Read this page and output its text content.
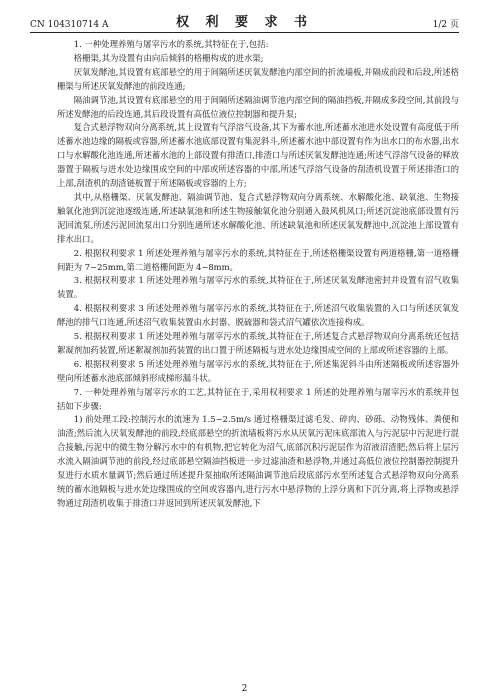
CN 104310714 A	权 利 要 求 书	1/2 页

1. 一种处理养殖与屠宰污水的系统,其特征在于,包括:

格栅渠,其为设置有由向后倾斜的格栅构成的进水渠;

厌氧发酵池,其设置有底部悬空的用于间隔所述厌氧发酵池内部空间的折流墙板,并隔成前段和后段,所述格栅渠与所述厌氧发酵池的前段连通;

隔油调节池,其设置有底部悬空的用于间隔所述隔油调节池内部空间的隔油挡板,并隔成多段空间,其前段与所述发酵池的后段连通,其后段设置有高低位液位控制器和提升泵;

复合式悬浮物双向分离系统,其上设置有气浮溶气设备,其下为蓄水池,所述蓄水池进水处设置有高度低于所述蓄水池边缘的隔板或容器,所述蓄水池底部设置有集泥斜斗,所述蓄水池中部设置有作为出水口的布水器,出水口与水解酸化池连通,所述蓄水池的上部设置有排渣口,排渣口与所述厌氧发酵池连通;所述气浮溶气设备的释放器置于隔板与进水处边缘围成空间的中部或所述容器的中部,所述气浮溶气设备的刮渣机设置于所述排渣口的上部,刮渣机的刮渣链板置于所述隔板或容器的上方;

其中,从格栅渠、厌氧发酵池、隔油调节池、复合式悬浮物双向分离系统、水解酸化池、缺氧池、生物接触氧化池到沉淀池逐级连通,所述缺氧池和所述生物接触氧化池分别通入鼓风机风口;所述沉淀池底部设置有污泥回流泵,所述污泥回流泵出口分别连通所述水解酸化池、所述缺氧池和所述厌氧发酵池中,沉淀池上部设置有排水出口。

2. 根据权利要求 1 所述处理养殖与屠宰污水的系统,其特征在于,所述格栅渠设置有两道格栅,第一道格栅间距为 7~25mm,第二道格栅间距为 4~8mm。

3. 根据权利要求 1 所述处理养殖与屠宰污水的系统,其特征在于,所述厌氧发酵池密封并设置有沼气收集装置。

4. 根据权利要求 3 所述处理养殖与屠宰污水的系统,其特征在于,所述沼气收集装置的入口与所述厌氧发酵池的排气口连通,所述沼气收集装置由水封器、脱硫器和袋式沼气罐依次连接构成。

5. 根据权利要求 1 所述处理养殖与屠宰污水的系统,其特征在于,所述复合式悬浮物双向分离系统还包括絮凝剂加药装置,所述絮凝剂加药装置的出口置于所述隔板与进水处边缘围成空间的上部或所述容器的上部。

6. 根据权利要求 5 所述处理养殖与屠宰污水的系统,其特征在于,所述集泥斜斗由所述隔板或所述容器外壁向所述蓄水池底部倾斜形成梯形漏斗状。

7. 一种处理养殖与屠宰污水的工艺,其特征在于,采用权利要求 1 所述的处理养殖与屠宰污水的系统并包括如下步骤:

1) 前处理工段:控制污水的流速为 1.5~2.5m/s 通过格栅渠过滤毛发、碎肉、砂砾、动物残体、粪便和油渣;然后流入厌氧发酵池的前段,经底部悬空的折流墙板将污水从厌氧污泥床底部流入与污泥层中污泥进行混合接触,污泥中的微生物分解污水中的有机物,把它转化为沼气,底部沉积污泥层作为沼液沼渣肥;然后将上层污水流入隔油调节池的前段,经过底部悬空隔油挡板进一步过滤油渣和悬浮物,并通过高低位液位控制器控制提升泵进行水质水量调节;然后通过所述提升泵抽取所述隔油调节池后段底部污水至所述复合式悬浮物双向分离系统的蓄水池隔板与进水处边缘围成的空间或容器内,进行污水中悬浮物的上浮分离和下沉分离,将上浮物或悬浮物通过刮渣机收集于排渣口并返回到所述厌氧发酵池,下

2
